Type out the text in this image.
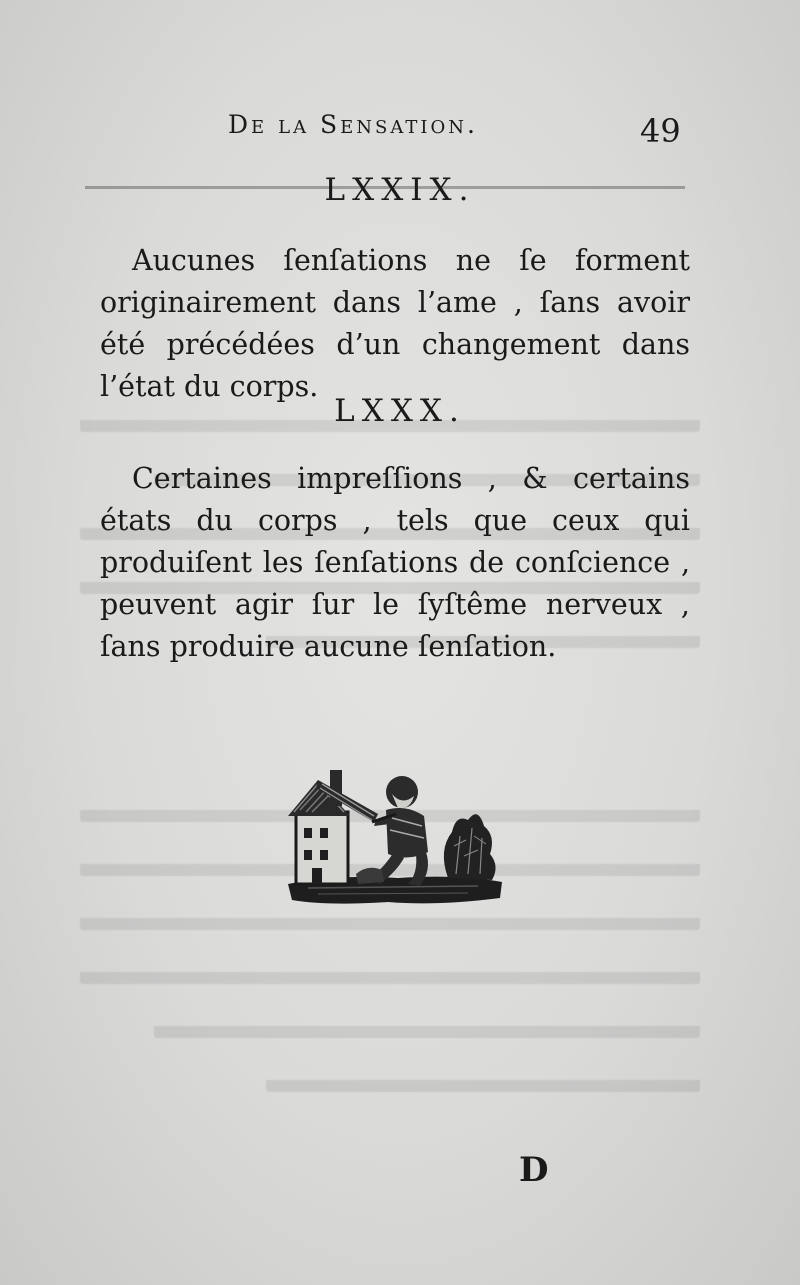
De la Sensation.	49
LXXIX.
Aucunes ſenſations ne ſe forment originairement dans l’ame , ſans avoir été précédées d’un changement dans l’état du corps.
LXXX.
Certaines impreſſions , & certains états du corps , tels que ceux qui produiſent les ſenſations de conſcience , peuvent agir ſur le ſyſtême nerveux , ſans produire aucune ſenſation.
D
